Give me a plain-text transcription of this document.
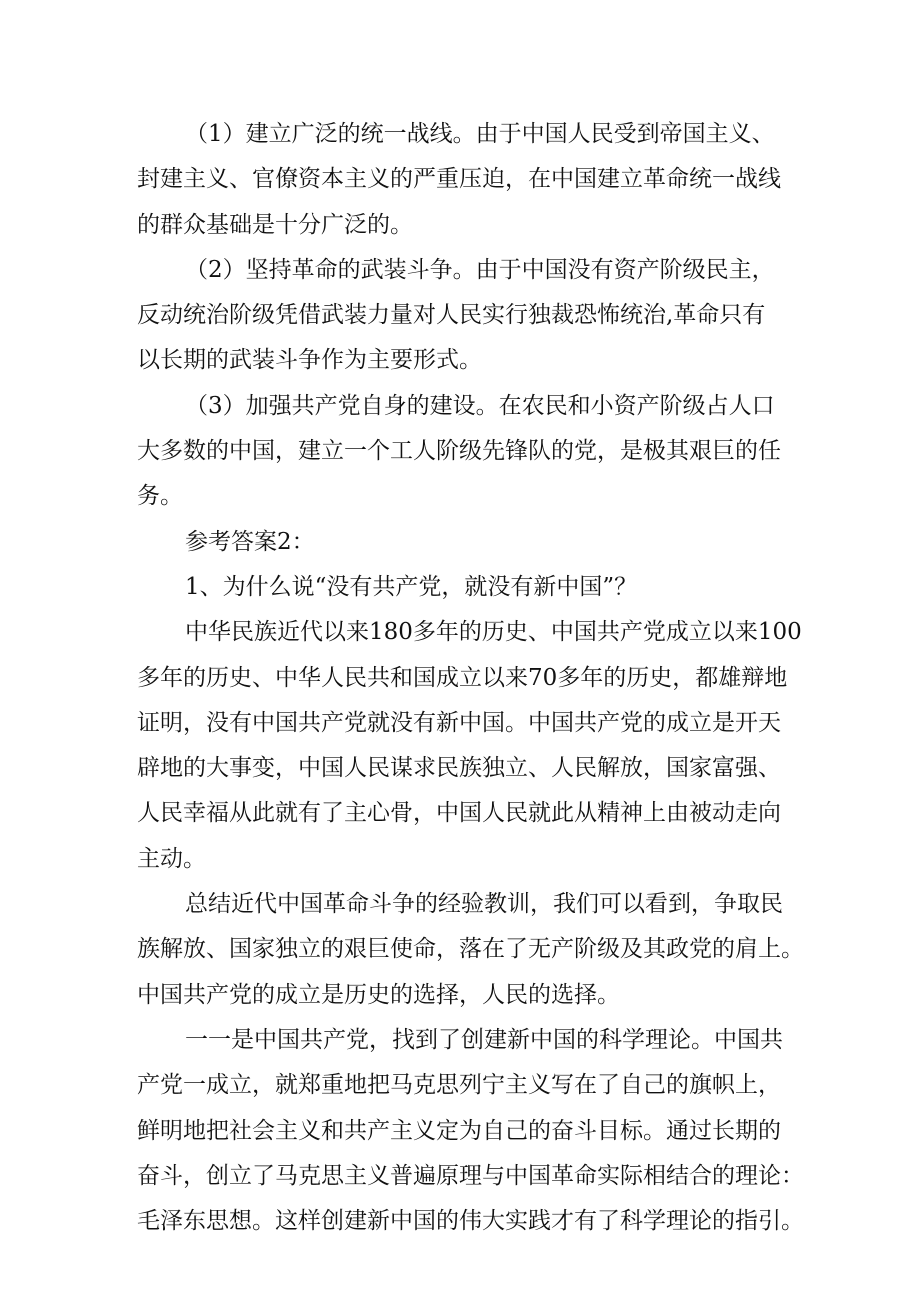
（1）建立广泛的统一战线。由于中国人民受到帝国主义、
封建主义、官僚资本主义的严重压迫，在中国建立革命统一战线
的群众基础是十分广泛的。
（2）坚持革命的武装斗争。由于中国没有资产阶级民主，
反动统治阶级凭借武装力量对人民实行独裁恐怖统治,革命只有
以长期的武装斗争作为主要形式。
（3）加强共产党自身的建设。在农民和小资产阶级占人口
大多数的中国，建立一个工人阶级先锋队的党，是极其艰巨的任
务。
参考答案2：
1、为什么说“没有共产党，就没有新中国”？
中华民族近代以来180多年的历史、中国共产党成立以来100
多年的历史、中华人民共和国成立以来70多年的历史，都雄辩地
证明，没有中国共产党就没有新中国。中国共产党的成立是开天
辟地的大事变，中国人民谋求民族独立、人民解放，国家富强、
人民幸福从此就有了主心骨，中国人民就此从精神上由被动走向
主动。
总结近代中国革命斗争的经验教训，我们可以看到，争取民
族解放、国家独立的艰巨使命，落在了无产阶级及其政党的肩上。
中国共产党的成立是历史的选择，人民的选择。
一一是中国共产党，找到了创建新中国的科学理论。中国共
产党一成立，就郑重地把马克思列宁主义写在了自己的旗帜上，
鲜明地把社会主义和共产主义定为自己的奋斗目标。通过长期的
奋斗，创立了马克思主义普遍原理与中国革命实际相结合的理论：
毛泽东思想。这样创建新中国的伟大实践才有了科学理论的指引。
